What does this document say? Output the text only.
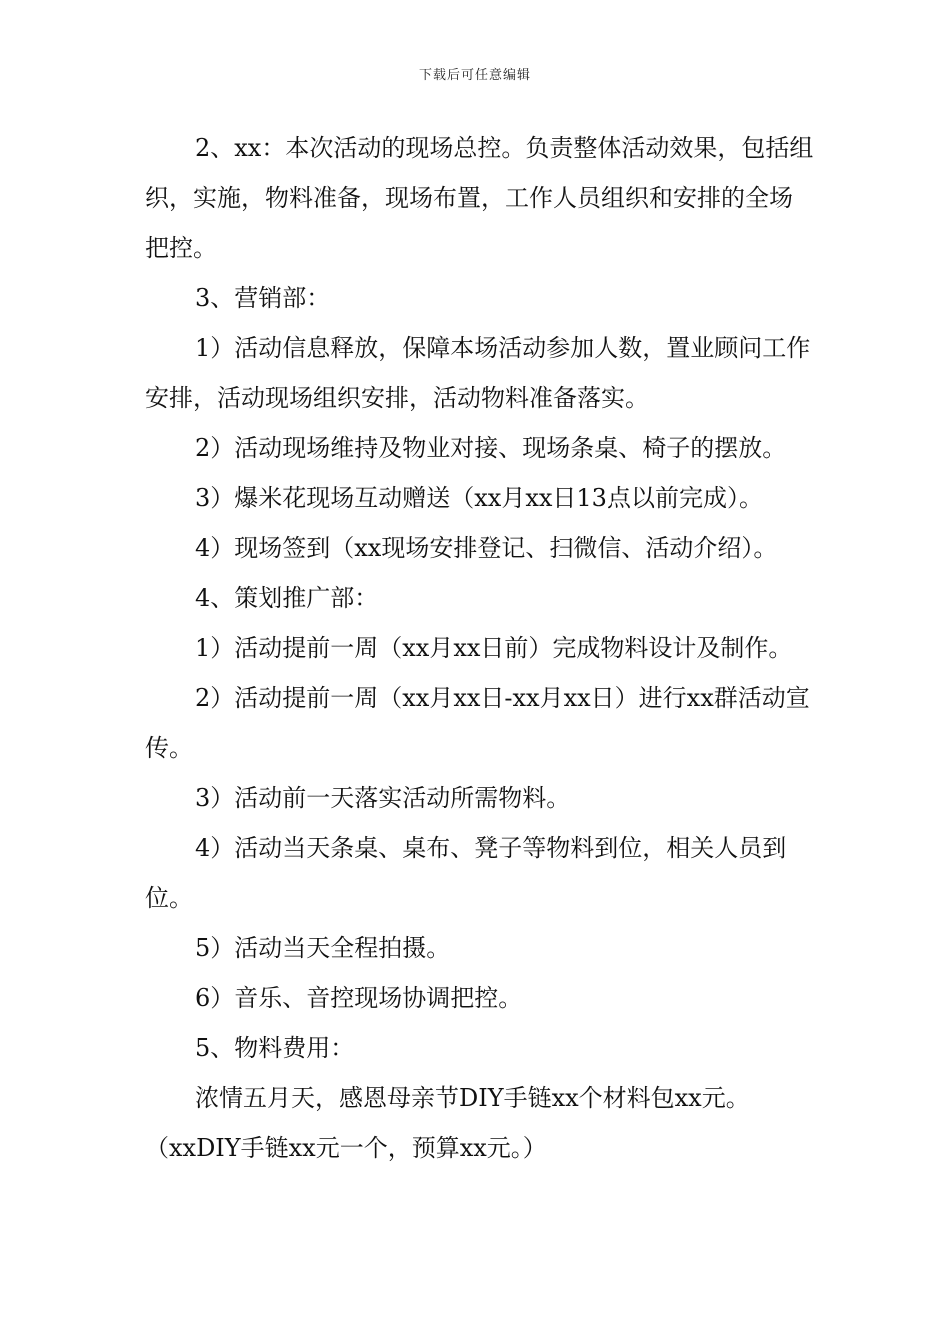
下载后可任意编辑

2、xx：本次活动的现场总控。负责整体活动效果，包括组织，实施，物料准备，现场布置，工作人员组织和安排的全场把控。

3、营销部：

1）活动信息释放，保障本场活动参加人数，置业顾问工作安排，活动现场组织安排，活动物料准备落实。

2）活动现场维持及物业对接、现场条桌、椅子的摆放。

3）爆米花现场互动赠送（xx月xx日13点以前完成）。

4）现场签到（xx现场安排登记、扫微信、活动介绍）。

4、策划推广部：

1）活动提前一周（xx月xx日前）完成物料设计及制作。

2）活动提前一周（xx月xx日-xx月xx日）进行xx群活动宣传。

3）活动前一天落实活动所需物料。

4）活动当天条桌、桌布、凳子等物料到位，相关人员到位。

5）活动当天全程拍摄。

6）音乐、音控现场协调把控。

5、物料费用：

浓情五月天，感恩母亲节DIY手链xx个材料包xx元。

（xxDIY手链xx元一个，预算xx元。）
